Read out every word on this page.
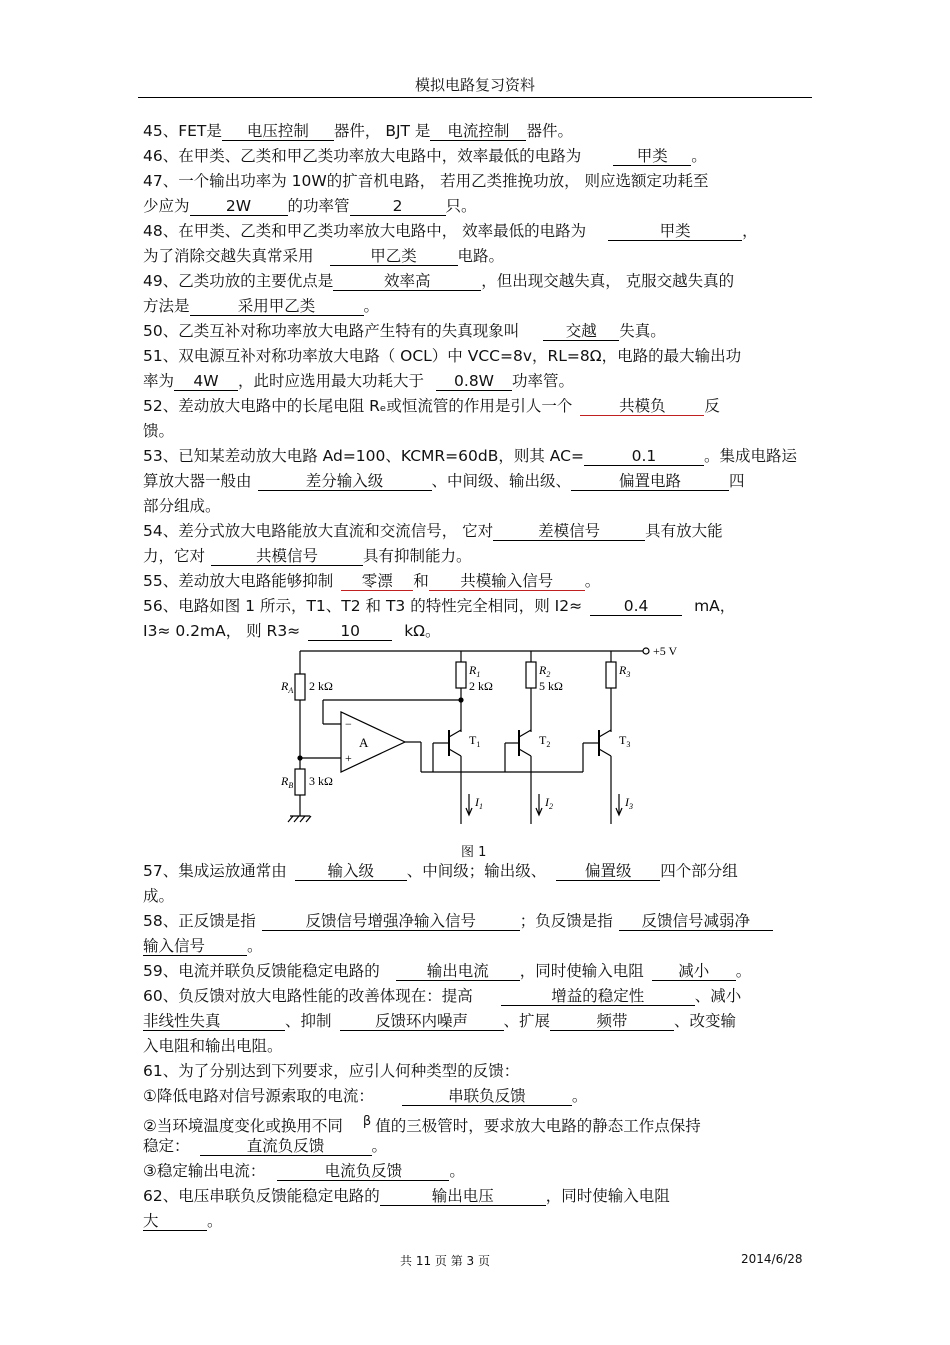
模拟电路复习资料
45、FET是 电压控制 器件， BJT 是 电流控制 器件。
46、在甲类、乙类和甲乙类功率放大电路中，效率最低的电路为	甲类 。
47、一个输出功率为 10W的扩音机电路， 若用乙类推挽功放， 则应选额定功耗至
少应为 2W 的功率管	2	只。
48、在甲类、乙类和甲乙类功率放大电路中， 效率最低的电路为	甲类	，
为了消除交越失真常采用	甲乙类	电路。
49、乙类功放的主要优点是	效率高	，但出现交越失真， 克服交越失真的
方法是	采用甲乙类	。
50、乙类互补对称功率放大电路产生特有的失真现象叫	交越 失真。
51、双电源互补对称功率放大电路（ OCL）中 VCC=8v，RL=8Ω，电路的最大输出功
率为 4W ，此时应选用最大功耗大于 0.8W 功率管。
52、差动放大电路中的长尾电阻 Rₑ或恒流管的作用是引人一个	共模负	反
馈。
53、已知某差动放大电路 Ad=100、KCMR=60dB，则其 AC=	0.1	。集成电路运
算放大器一般由	差分输入级	、中间级、输出级、	偏置电路	四
部分组成。
54、差分式放大电路能放大直流和交流信号， 它对	差模信号	具有放大能
力，它对	共模信号	具有抑制能力。
55、差动放大电路能够抑制 零漂 和 共模输入信号 。
56、电路如图 1 所示，T1、T2 和 T3 的特性完全相同，则 I2≈	0.4	mA，
I3≈ 0.2mA， 则 R3≈	10	kΩ。
+5 V
$R_A$ 2 kΩ
$R_B$ 3 kΩ
A
−
+
$R_1$
2 kΩ
$T_1$
$I_1$
$R_2$
5 kΩ
$T_2$
$I_2$
$R_3$
$T_3$
$I_3$
图 1
57、集成运放通常由	输入级 、中间级；输出级、 偏置级 四个部分组
成。
58、正反馈是指	反馈信号增强净输入信号	；负反馈是指 反馈信号减弱净
输入信号	。
59、电流并联负反馈能稳定电路的	输出电流 ，同时使输入电阻 减小 。
60、负反馈对放大电路性能的改善体现在：提高	增益的稳定性	、减小
非线性失真	、抑制	反馈环内噪声 、扩展	频带	、改变输
入电阻和输出电阻。
61、为了分别达到下列要求，应引人何种类型的反馈：
①降低电路对信号源索取的电流：	串联负反馈	。
②当环境温度变化或换用不同 $^\beta$ 值的三极管时，要求放大电路的静态工作点保持
稳定：	直流负反馈	。
③稳定输出电流：	电流负反馈	。
62、电压串联负反馈能稳定电路的	输出电压	，同时使输入电阻
大	。
共 11 页 第 3 页	2014/6/28
